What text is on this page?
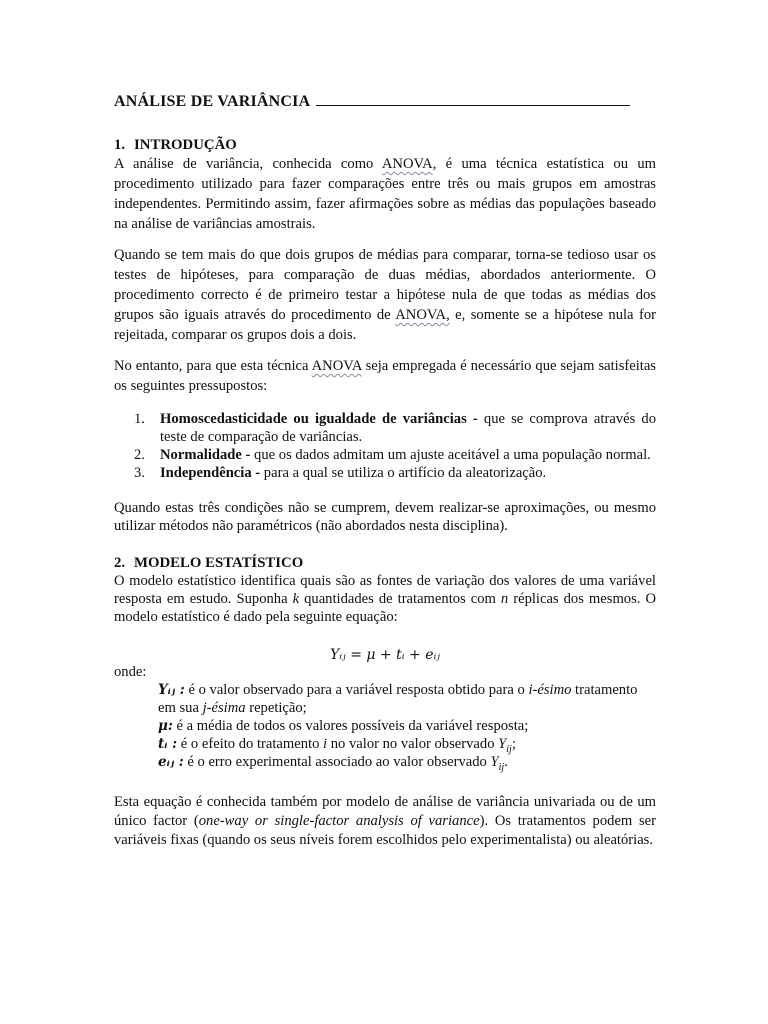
ANÁLISE DE VARIÂNCIA
1. INTRODUÇÃO

A análise de variância, conhecida como ANOVA, é uma técnica estatística ou um procedimento utilizado para fazer comparações entre três ou mais grupos em amostras independentes. Permitindo assim, fazer afirmações sobre as médias das populações baseado na análise de variâncias amostrais.

Quando se tem mais do que dois grupos de médias para comparar, torna-se tedioso usar os testes de hipóteses, para comparação de duas médias, abordados anteriormente. O procedimento correcto é de primeiro testar a hipótese nula de que todas as médias dos grupos são iguais através do procedimento de ANOVA, e, somente se a hipótese nula for rejeitada, comparar os grupos dois a dois.

No entanto, para que esta técnica ANOVA seja empregada é necessário que sejam satisfeitas os seguintes pressupostos:

1. Homoscedasticidade ou igualdade de variâncias - que se comprova através do teste de comparação de variâncias.
2. Normalidade - que os dados admitam um ajuste aceitável a uma população normal.
3. Independência - para a qual se utiliza o artifício da aleatorização.

Quando estas três condições não se cumprem, devem realizar-se aproximações, ou mesmo utilizar métodos não paramétricos (não abordados nesta disciplina).

2. MODELO ESTATÍSTICO

O modelo estatístico identifica quais são as fontes de variação dos valores de uma variável resposta em estudo. Suponha k quantidades de tratamentos com n réplicas dos mesmos. O modelo estatístico é dado pela seguinte equação:

Yᵢⱼ = μ + tᵢ + eᵢⱼ

onde:

Yᵢⱼ : é o valor observado para a variável resposta obtido para o i-ésimo tratamento em sua j-ésima repetição;

μ: é a média de todos os valores possíveis da variável resposta;

tᵢ : é o efeito do tratamento i no valor no valor observado $Y_{ij}$;

eᵢⱼ : é o erro experimental associado ao valor observado $Y_{ij}$.

Esta equação é conhecida também por modelo de análise de variância univariada ou de um único factor (one-way or single-factor analysis of variance). Os tratamentos podem ser variáveis fixas (quando os seus níveis forem escolhidos pelo experimentalista) ou aleatórias.
